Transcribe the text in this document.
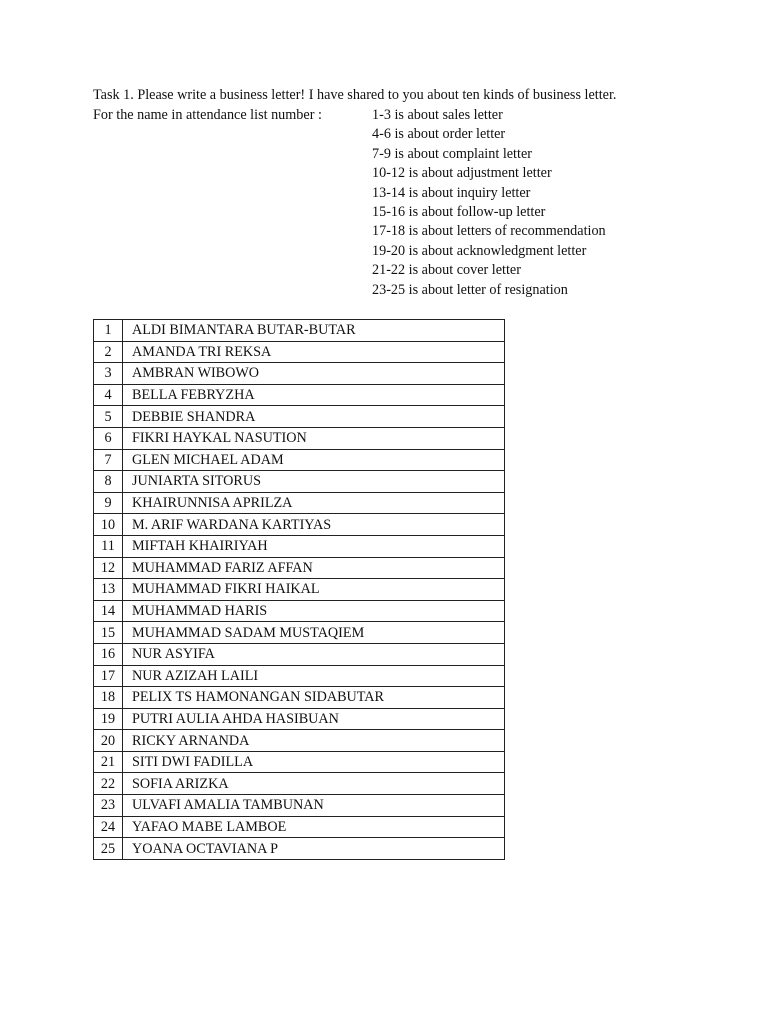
Task 1. Please write a business letter! I have shared to you about ten kinds of business letter.
For the name in attendance list number :	1-3 is about sales letter
4-6 is about order letter
7-9 is about complaint letter
10-12 is about adjustment letter
13-14 is about inquiry letter
15-16 is about follow-up letter
17-18 is about letters of recommendation
19-20 is about acknowledgment letter
21-22 is about cover letter
23-25 is about letter of resignation
1	ALDI BIMANTARA BUTAR-BUTAR
2	AMANDA TRI REKSA
3	AMBRAN WIBOWO
4	BELLA FEBRYZHA
5	DEBBIE SHANDRA
6	FIKRI HAYKAL NASUTION
7	GLEN MICHAEL ADAM
8	JUNIARTA SITORUS
9	KHAIRUNNISA APRILZA
10	M. ARIF WARDANA KARTIYAS
11	MIFTAH KHAIRIYAH
12	MUHAMMAD FARIZ AFFAN
13	MUHAMMAD FIKRI HAIKAL
14	MUHAMMAD HARIS
15	MUHAMMAD SADAM MUSTAQIEM
16	NUR ASYIFA
17	NUR AZIZAH LAILI
18	PELIX TS HAMONANGAN SIDABUTAR
19	PUTRI AULIA AHDA HASIBUAN
20	RICKY ARNANDA
21	SITI DWI FADILLA
22	SOFIA ARIZKA
23	ULVAFI AMALIA TAMBUNAN
24	YAFAO MABE LAMBOE
25	YOANA OCTAVIANA P
